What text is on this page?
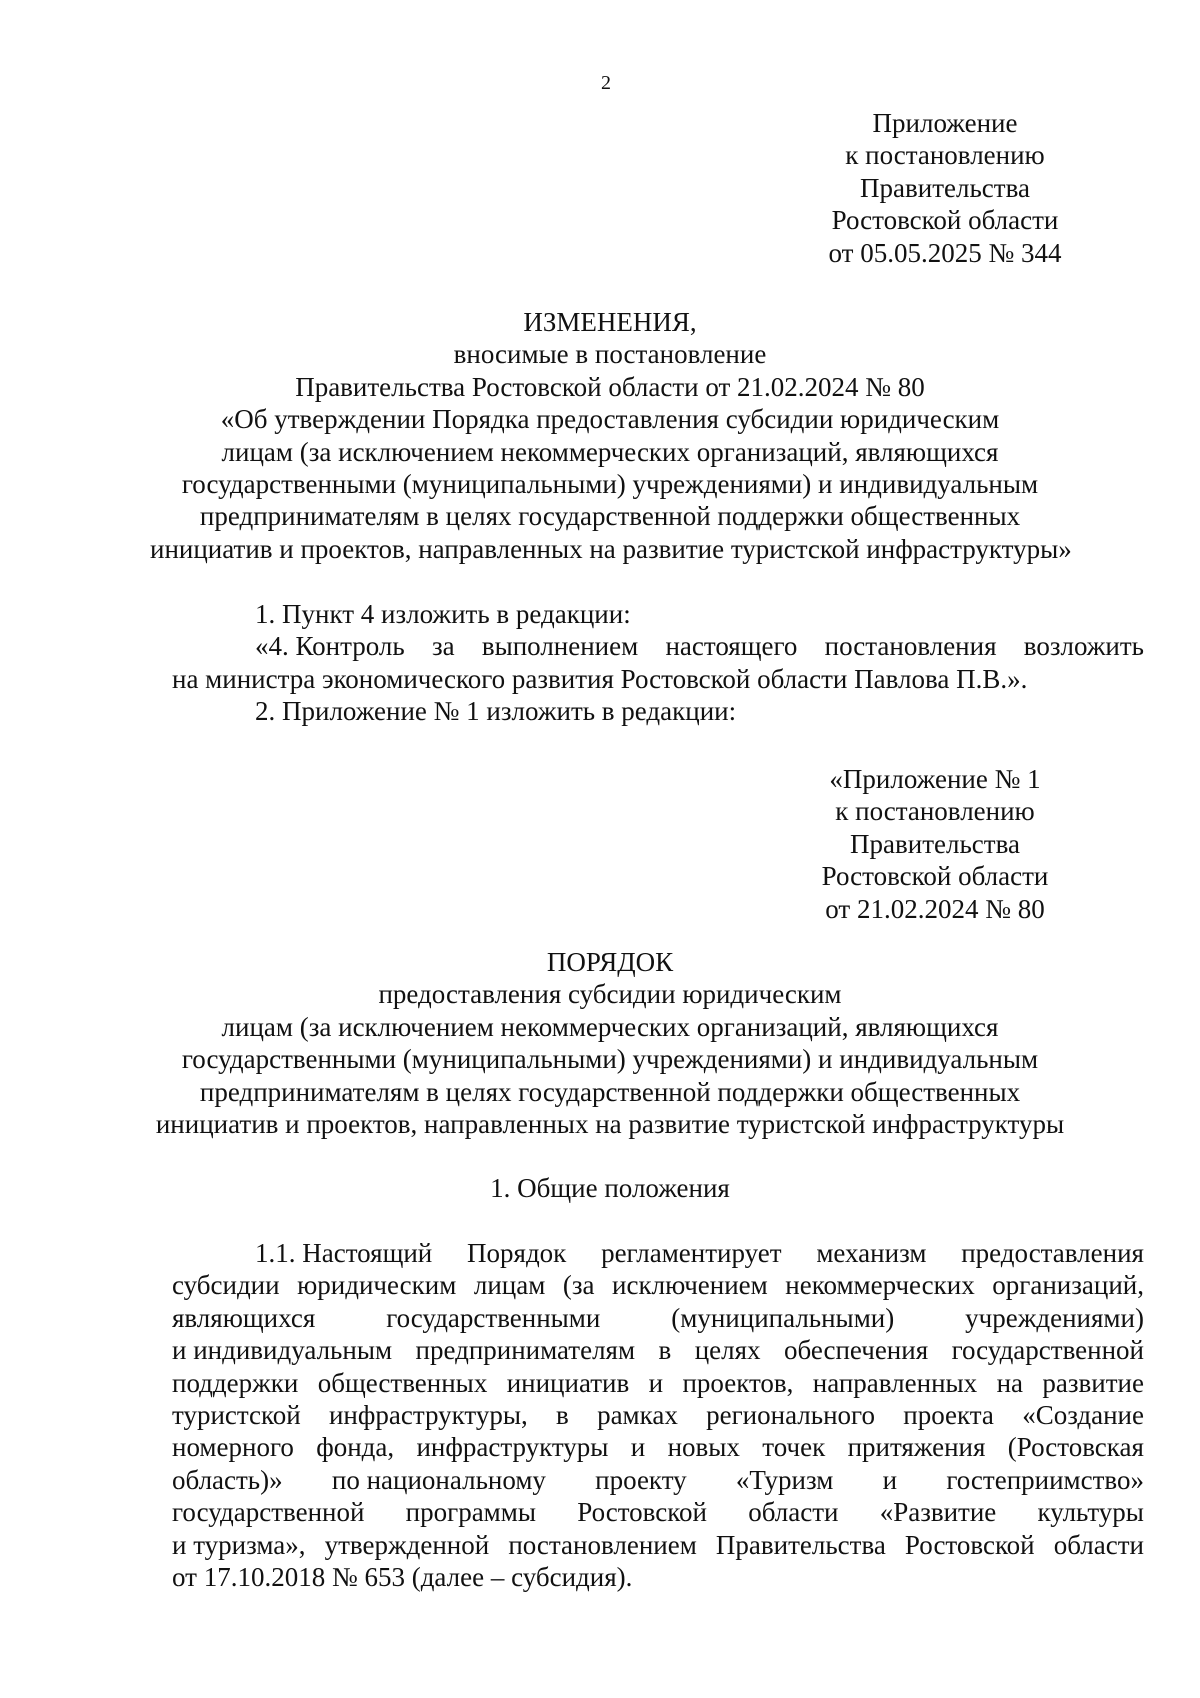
2
Приложение
к постановлению
Правительства
Ростовской области
от 05.05.2025 № 344
ИЗМЕНЕНИЯ,
вносимые в постановление
Правительства Ростовской области от 21.02.2024 № 80
«Об утверждении Порядка предоставления субсидии юридическим
лицам (за исключением некоммерческих организаций, являющихся
государственными (муниципальными) учреждениями) и индивидуальным
предпринимателям в целях государственной поддержки общественных
инициатив и проектов, направленных на развитие туристской инфраструктуры»
1. Пункт 4 изложить в редакции:
«4. Контроль за выполнением настоящего постановления возложить
на министра экономического развития Ростовской области Павлова П.В.».
2. Приложение № 1 изложить в редакции:
«Приложение № 1
к постановлению
Правительства
Ростовской области
от 21.02.2024 № 80
ПОРЯДОК
предоставления субсидии юридическим
лицам (за исключением некоммерческих организаций, являющихся
государственными (муниципальными) учреждениями) и индивидуальным
предпринимателям в целях государственной поддержки общественных
инициатив и проектов, направленных на развитие туристской инфраструктуры
1. Общие положения
1.1. Настоящий Порядок регламентирует механизм предоставления
субсидии юридическим лицам (за исключением некоммерческих организаций,
являющихся	государственными	(муниципальными)	учреждениями)
и индивидуальным предпринимателям в целях обеспечения государственной
поддержки общественных инициатив и проектов, направленных на развитие
туристской инфраструктуры, в рамках регионального проекта «Создание
номерного фонда, инфраструктуры и новых точек притяжения (Ростовская
область)» по национальному проекту «Туризм и гостеприимство»
государственной программы Ростовской области «Развитие культуры
и туризма», утвержденной постановлением Правительства Ростовской области
от 17.10.2018 № 653 (далее – субсидия).
